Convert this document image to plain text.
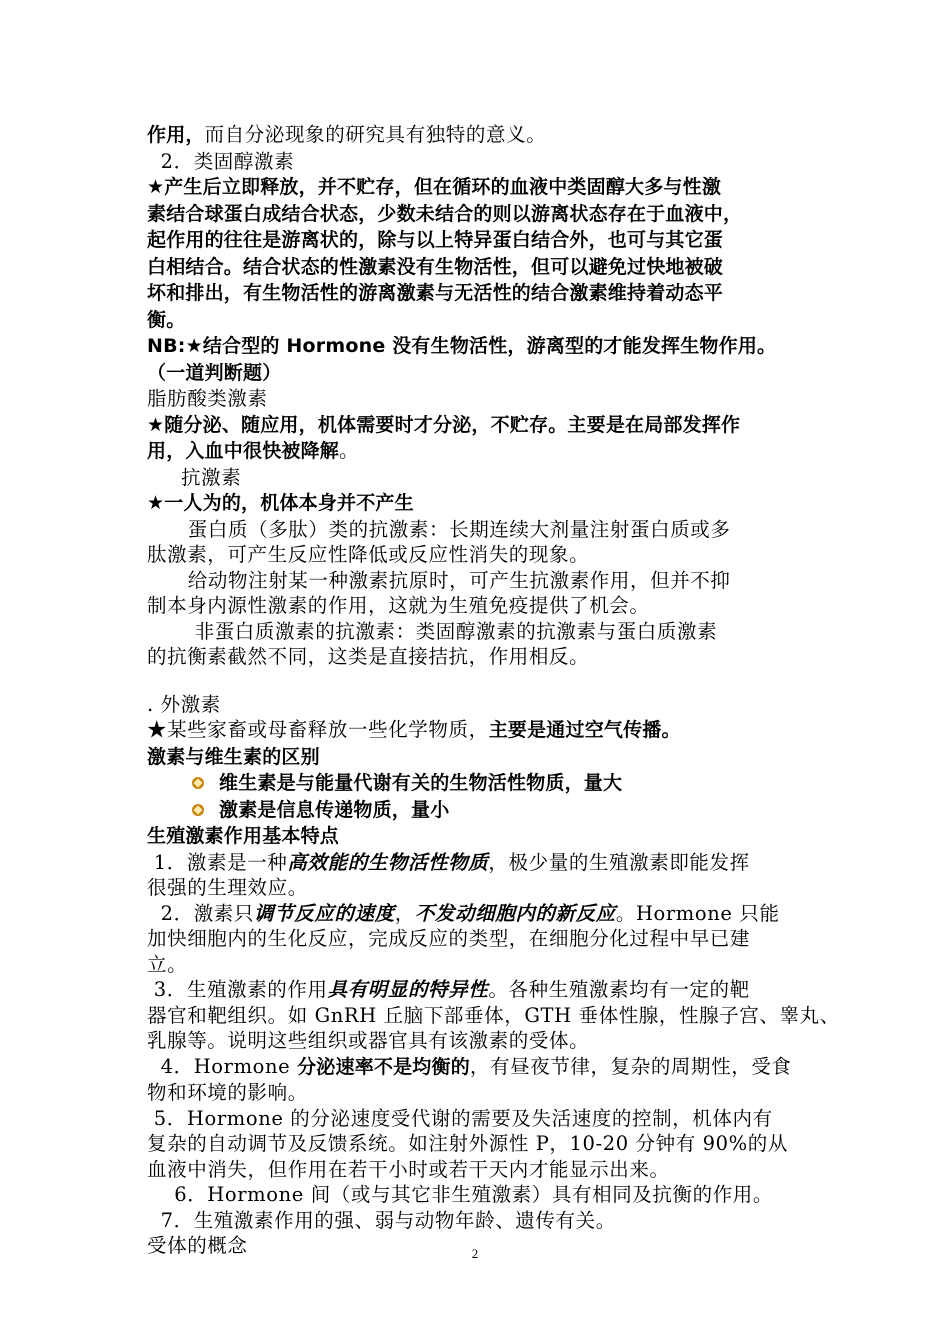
作用，而自分泌现象的研究具有独特的意义。
2．类固醇激素
★产生后立即释放，并不贮存，但在循环的血液中类固醇大多与性激
素结合球蛋白成结合状态，少数未结合的则以游离状态存在于血液中，
起作用的往往是游离状的，除与以上特异蛋白结合外，也可与其它蛋
白相结合。结合状态的性激素没有生物活性，但可以避免过快地被破
坏和排出，有生物活性的游离激素与无活性的结合激素维持着动态平
衡。
NB:★结合型的 Hormone 没有生物活性，游离型的才能发挥生物作用。
（一道判断题）
脂肪酸类激素
★随分泌、随应用，机体需要时才分泌，不贮存。主要是在局部发挥作
用，入血中很快被降解。
抗激素
★一人为的，机体本身并不产生
蛋白质（多肽）类的抗激素：长期连续大剂量注射蛋白质或多
肽激素，可产生反应性降低或反应性消失的现象。
给动物注射某一种激素抗原时，可产生抗激素作用，但并不抑
制本身内源性激素的作用，这就为生殖免疫提供了机会。
非蛋白质激素的抗激素：类固醇激素的抗激素与蛋白质激素
的抗衡素截然不同，这类是直接拮抗，作用相反。
. 外激素
★某些家畜或母畜释放一些化学物质，主要是通过空气传播。
激素与维生素的区别
维生素是与能量代谢有关的生物活性物质，量大
激素是信息传递物质，量小
生殖激素作用基本特点
1．激素是一种高效能的生物活性物质，极少量的生殖激素即能发挥
很强的生理效应。
2．激素只调节反应的速度，不发动细胞内的新反应。Hormone 只能
加快细胞内的生化反应，完成反应的类型，在细胞分化过程中早已建
立。
3．生殖激素的作用具有明显的特异性。各种生殖激素均有一定的靶
器官和靶组织。如 GnRH 丘脑下部垂体，GTH 垂体性腺，性腺子宫、睾丸、
乳腺等。说明这些组织或器官具有该激素的受体。
4．Hormone 分泌速率不是均衡的，有昼夜节律，复杂的周期性，受食
物和环境的影响。
5．Hormone 的分泌速度受代谢的需要及失活速度的控制，机体内有
复杂的自动调节及反馈系统。如注射外源性 P，10-20 分钟有 90%的从
血液中消失，但作用在若干小时或若干天内才能显示出来。
6．Hormone 间（或与其它非生殖激素）具有相同及抗衡的作用。
7．生殖激素作用的强、弱与动物年龄、遗传有关。
受体的概念	2
